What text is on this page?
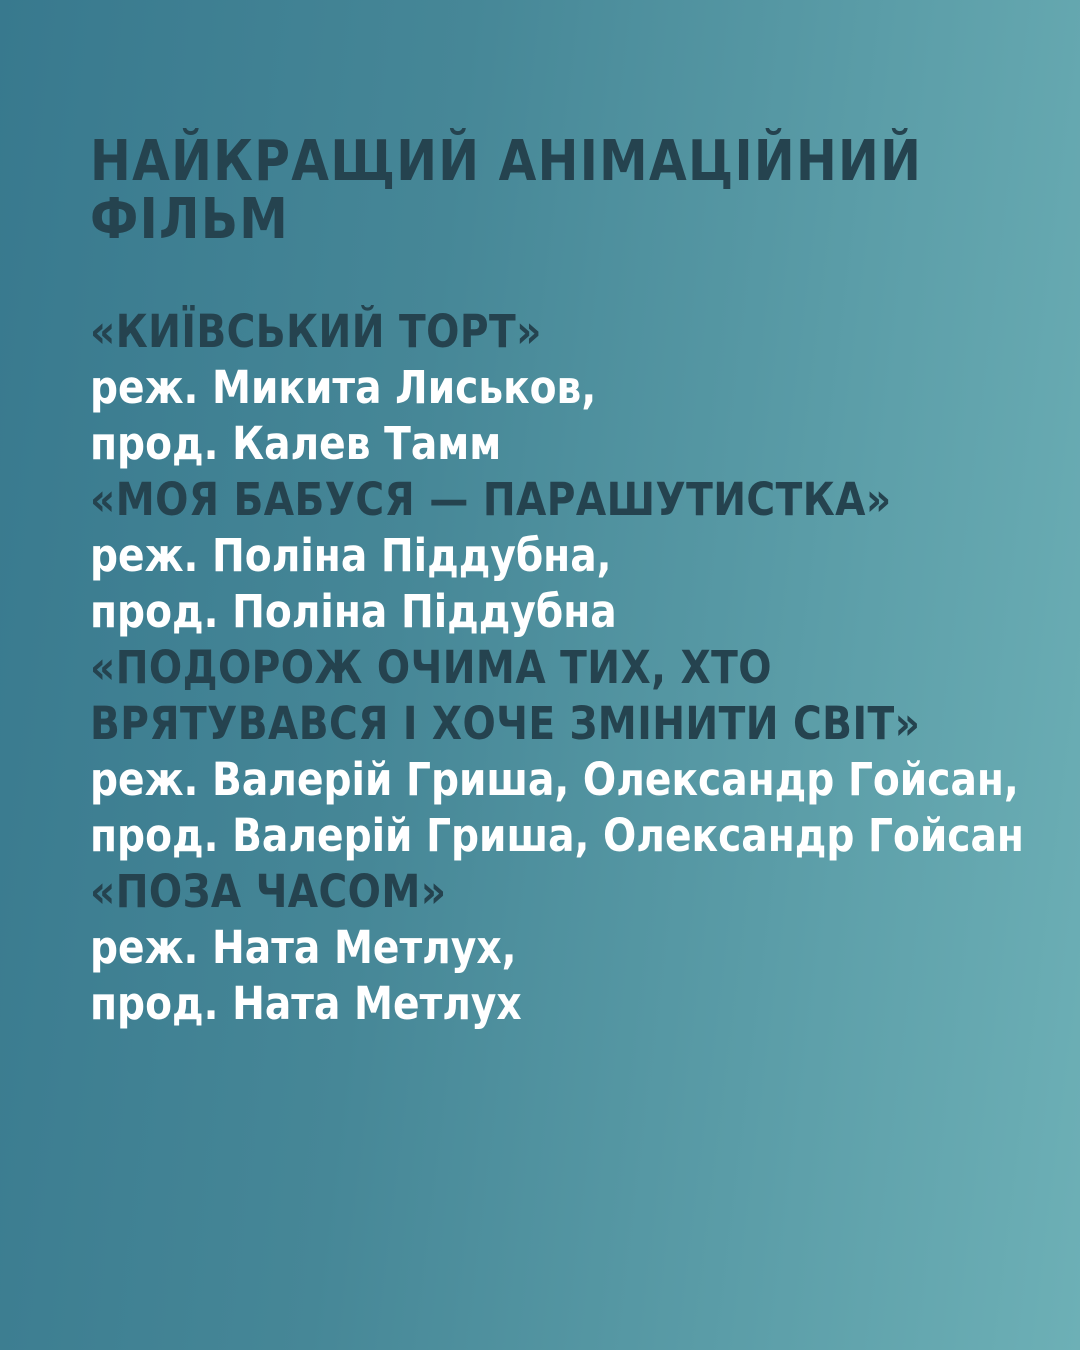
НАЙКРАЩИЙ АНІМАЦІЙНИЙ ФІЛЬМ
«КИЇВСЬКИЙ ТОРТ»

реж. Микита Лиськов,

прод. Калев Тамм

«МОЯ БАБУСЯ — ПАРАШУТИСТКА»

реж. Поліна Піддубна,

прод. Поліна Піддубна

«ПОДОРОЖ ОЧИМА ТИХ, ХТО
ВРЯТУВАВСЯ І ХОЧЕ ЗМІНИТИ СВІТ»

реж. Валерій Гриша, Олександр Гойсан,

прод. Валерій Гриша, Олександр Гойсан

«ПОЗА ЧАСОМ»

реж. Ната Метлух,

прод. Ната Метлух
